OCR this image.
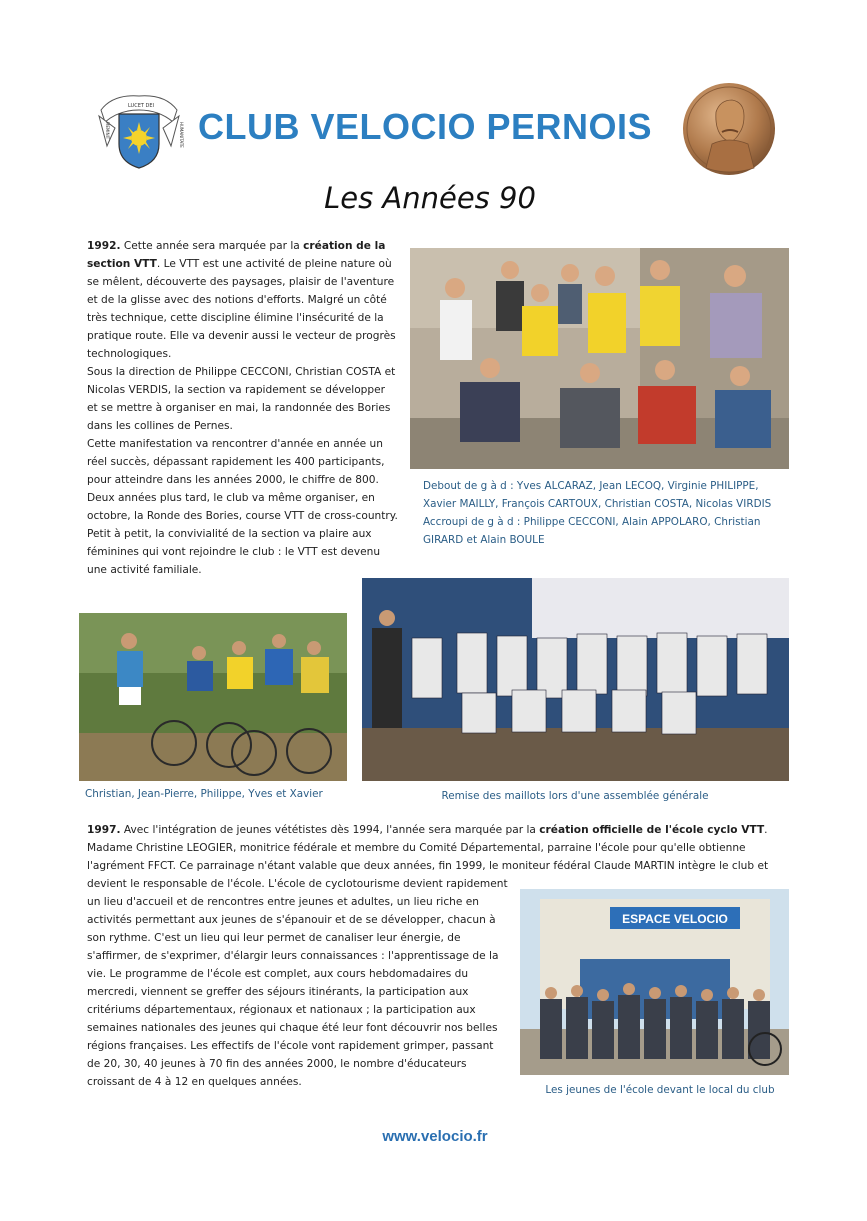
LUCET DEI
MEMINIT	HUMANITATE CLUB VELOCIO PERNOIS
Les Années 90

1992. Cette année sera marquée par la création de la section VTT. Le VTT est une activité de pleine nature où se mêlent, découverte des paysages, plaisir de l'aventure et de la glisse avec des notions d'efforts. Malgré un côté très technique, cette discipline élimine l'insécurité de la pratique route. Elle va devenir aussi le vecteur de progrès technologiques.

Sous la direction de Philippe CECCONI, Christian COSTA et Nicolas VERDIS, la section va rapidement se développer et se mettre à organiser en mai, la randonnée des Bories dans les collines de Pernes.

Cette manifestation va rencontrer d'année en année un réel succès, dépassant rapidement les 400 participants, pour atteindre dans les années 2000, le chiffre de 800. Deux années plus tard, le club va même organiser, en octobre, la Ronde des Bories, course VTT de cross-country. Petit à petit, la convivialité de la section va plaire aux féminines qui vont rejoindre le club : le VTT est devenu une activité familiale.

Debout de g à d : Yves ALCARAZ, Jean LECOQ, Virginie PHILIPPE,
Xavier MAILLY, François CARTOUX, Christian COSTA, Nicolas VIRDIS
Accroupi de g à d : Philippe CECCONI, Alain APPOLARO, Christian
GIRARD et Alain BOULE
Christian, Jean-Pierre, Philippe, Yves et Xavier	Remise des maillots lors d'une assemblée générale

1997. Avec l'intégration de jeunes vététistes dès 1994, l'année sera marquée par la création officielle de l'école cyclo VTT.

Madame Christine LEOGIER, monitrice fédérale et membre du Comité Départemental, parraine l'école pour qu'elle obtienne l'agrément FFCT. Ce parrainage n'étant valable que deux années, fin 1999, le moniteur fédéral Claude MARTIN intègre le club et devient le responsable de l'école. L'école de cyclotourisme devient rapidement

un lieu d'accueil et de rencontres entre jeunes et adultes, un lieu riche en activités permettant aux jeunes de s'épanouir et de se développer, chacun à son rythme. C'est un lieu qui leur permet de canaliser leur énergie, de s'affirmer, de s'exprimer, d'élargir leurs connaissances : l'apprentissage de la vie. Le programme de l'école est complet, aux cours hebdomadaires du mercredi, viennent se greffer des séjours itinérants, la participation aux critériums départementaux, régionaux et nationaux ; la participation aux semaines nationales des jeunes qui chaque été leur font découvrir nos belles régions françaises. Les effectifs de l'école vont rapidement grimper, passant de 20, 30, 40 jeunes à 70 fin des années 2000, le nombre d'éducateurs croissant de 4 à 12 en quelques années.
ESPACE VELOCIO
Les jeunes de l'école devant le local du club
www.velocio.fr
